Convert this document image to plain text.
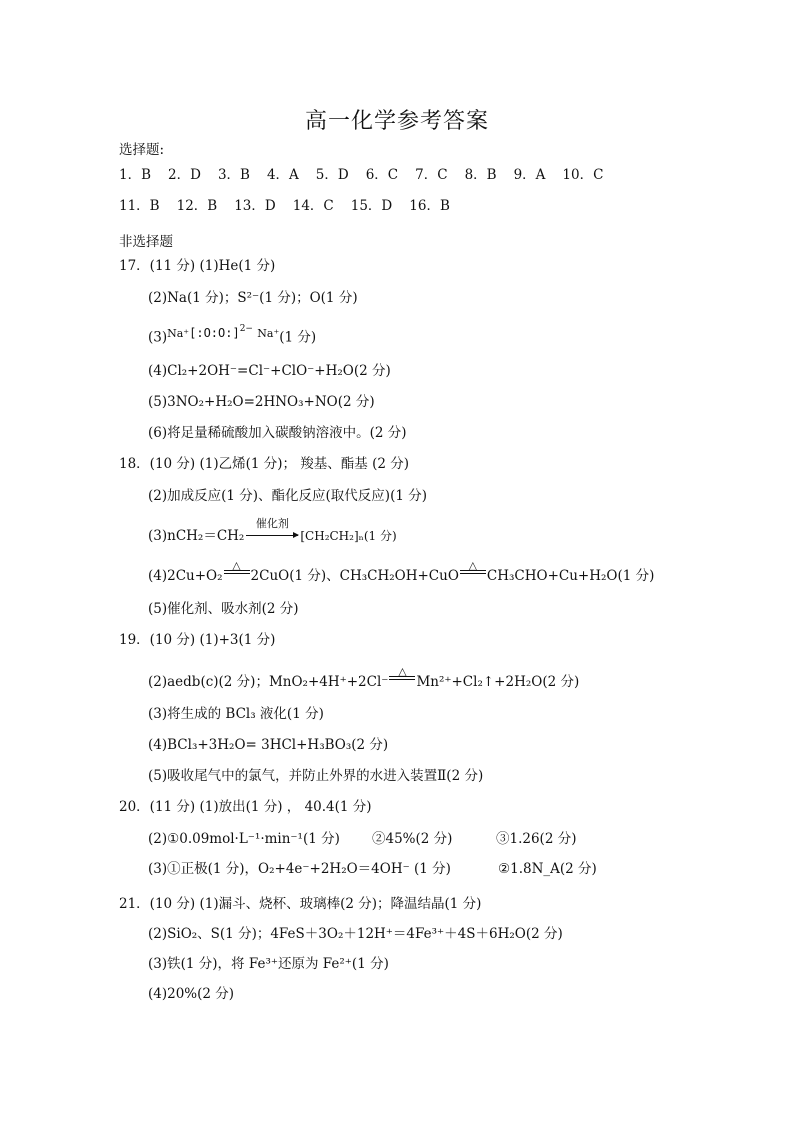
高一化学参考答案
选择题:
1．B 2．D 3．B 4．A 5．D 6．C 7．C 8．B 9．A 10．C
11．B 12．B 13．D 14．C 15．D 16．B
非选择题
17．(11 分) (1)He(1 分)
(2)Na(1 分)；S²⁻(1 分)；O(1 分)
$(3)^{Na^+}[:O:O:]^{2-}$ $^{Na^+}$(1 分)
(4)Cl₂+2OH⁻=Cl⁻+ClO⁻+H₂O(2 分)
(5)3NO₂+H₂O=2HNO₃+NO(2 分)
(6)将足量稀硫酸加入碳酸钠溶液中。(2 分)
18．(10 分) (1)乙烯(1 分)； 羧基、酯基 (2 分)
(2)加成反应(1 分)、酯化反应(取代反应)(1 分)
(3)nCH₂＝CH₂
催化剂
[CH₂CH₂]ₙ(1 分)
(4)2Cu+O₂
△
2CuO(1 分)、CH₃CH₂OH+CuO
△
CH₃CHO+Cu+H₂O(1 分)
(5)催化剂、吸水剂(2 分)
19．(10 分) (1)+3(1 分)
(2)aedb(c)(2 分)；MnO₂+4H⁺+2Cl⁻
△
Mn²⁺+Cl₂↑+2H₂O(2 分)
(3)将生成的 BCl₃ 液化(1 分)
(4)BCl₃+3H₂O= 3HCl+H₃BO₃(2 分)
(5)吸收尾气中的氯气，并防止外界的水进入装置Ⅱ(2 分)
20．(11 分) (1)放出(1 分) ， 40.4(1 分)
(2)①0.09mol·L⁻¹·min⁻¹(1 分) ②45%(2 分)	③1.26(2 分)
(3)①正极(1 分)，O₂+4e⁻+2H₂O＝4OH⁻ (1 分)	②1.8N_A(2 分)
21．(10 分) (1)漏斗、烧杯、玻璃棒(2 分)；降温结晶(1 分)
(2)SiO₂、S(1 分)；4FeS＋3O₂＋12H⁺＝4Fe³⁺＋4S＋6H₂O(2 分)
(3)铁(1 分)，将 Fe³⁺还原为 Fe²⁺(1 分)
(4)20%(2 分)
